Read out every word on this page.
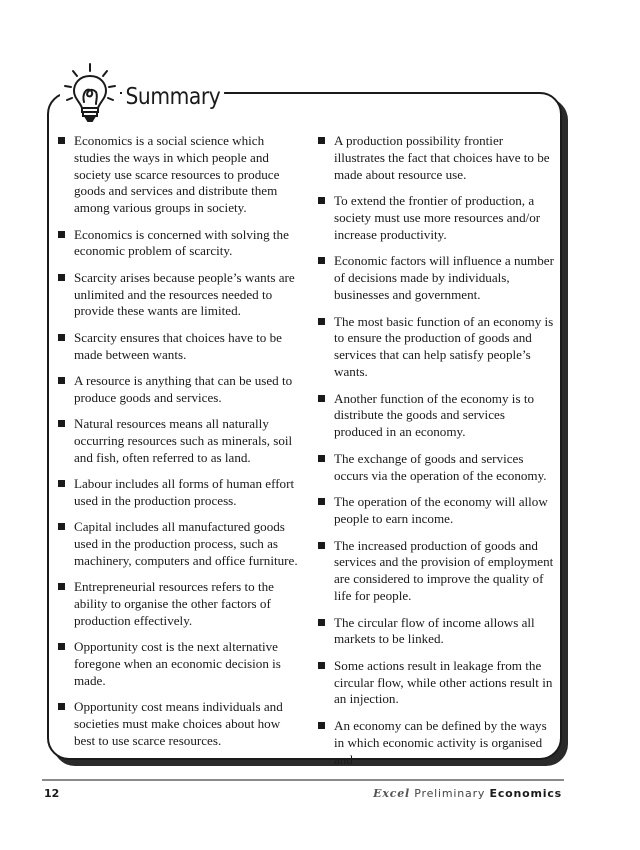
Summary
Economics is a social science which studies the ways in which people and society use scarce resources to produce goods and services and distribute them among various groups in society.
Economics is concerned with solving the economic problem of scarcity.
Scarcity arises because people’s wants are unlimited and the resources needed to provide these wants are limited.
Scarcity ensures that choices have to be made between wants.
A resource is anything that can be used to produce goods and services.
Natural resources means all naturally occurring resources such as minerals, soil and fish, often referred to as land.
Labour includes all forms of human effort used in the production process.
Capital includes all manufactured goods used in the production process, such as machinery, computers and office furniture.
Entrepreneurial resources refers to the ability to organise the other factors of production effectively.
Opportunity cost is the next alternative foregone when an economic decision is made.
Opportunity cost means individuals and societies must make choices about how best to use scarce resources.
A production possibility frontier illustrates the fact that choices have to be made about resource use.
To extend the frontier of production, a society must use more resources and/or increase productivity.
Economic factors will influence a number of decisions made by individuals, businesses and government.
The most basic function of an economy is to ensure the production of goods and services that can help satisfy people’s wants.
Another function of the economy is to distribute the goods and services produced in an economy.
The exchange of goods and services occurs via the operation of the economy.
The operation of the economy will allow people to earn income.
The increased production of goods and services and the provision of employment are considered to improve the quality of life for people.
The circular flow of income allows all markets to be linked.
Some actions result in leakage from the circular flow, while other actions result in an injection.
An economy can be defined by the ways in which economic activity is organised and
12	Excel Preliminary Economics
